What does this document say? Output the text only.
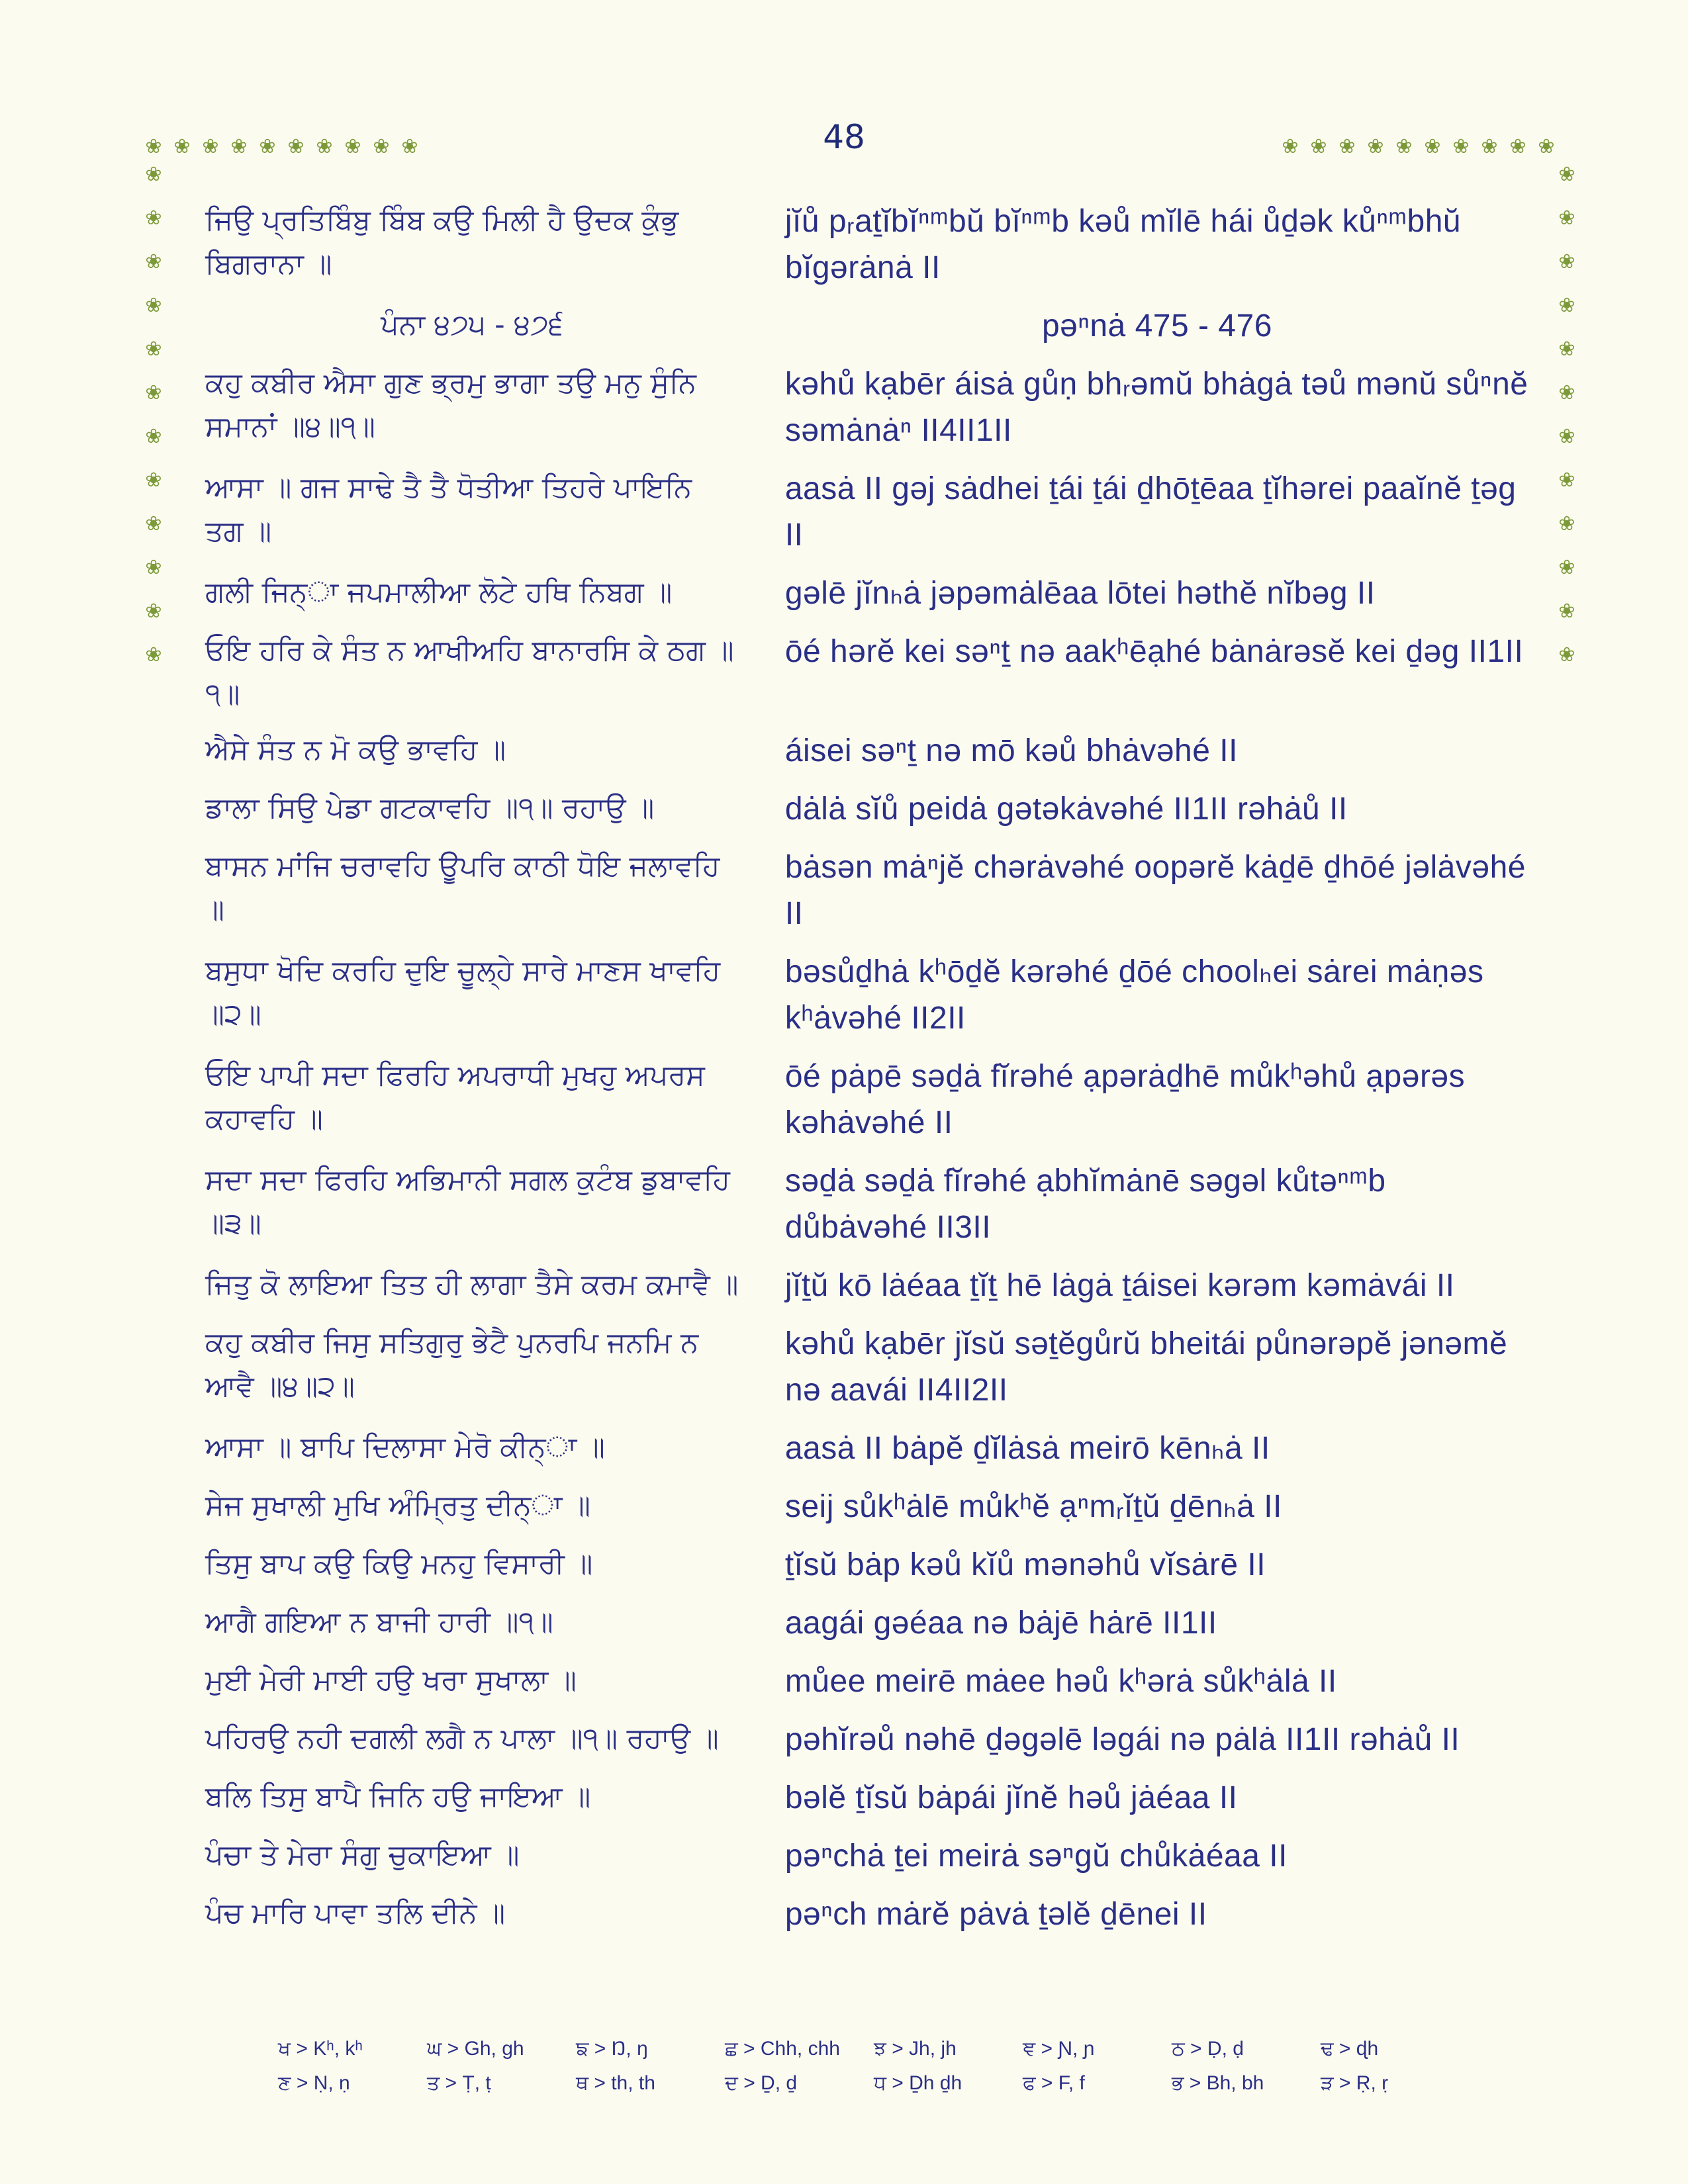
48
❀ ❀ ❀ ❀ ❀ ❀ ❀ ❀ ❀ ❀	❀ ❀ ❀ ❀ ❀ ❀ ❀ ❀ ❀ ❀
❀
❀
❀
❀
❀
❀
❀
❀
❀
❀
❀
❀
❀
❀
❀
❀
❀
❀
❀
❀
❀
❀
❀
❀
ਜਿਉ ਪ੍ਰਤਿਬਿੰਬੁ ਬਿੰਬ ਕਉ ਮਿਲੀ ਹੈ ਉਦਕ ਕੁੰਭੁ ਬਿਗਰਾਨਾ ॥
jĭů pᵣaṯĭbĭⁿᵐbŭ bĭⁿᵐb kəů mĭlē hái ůḏək kůⁿᵐbhŭ bĭgərȧnȧ II
ਪੰਨਾ ੪੭੫ - ੪੭੬	pəⁿnȧ 475 - 476
ਕਹੁ ਕਬੀਰ ਐਸਾ ਗੁਣ ਭ੍ਰਮੁ ਭਾਗਾ ਤਉ ਮਨੁ ਸੁੰਨਿ ਸਮਾਨਾਂ ॥੪॥੧॥
kəhů kạbēr áisȧ gůṇ bhᵣəmŭ bhȧgȧ təů mənŭ sůⁿnĕ səmȧnȧⁿ II4II1II
ਆਸਾ ॥ ਗਜ ਸਾਢੇ ਤੈ ਤੈ ਧੋਤੀਆ ਤਿਹਰੇ ਪਾਇਨਿ ਤਗ ॥
aasȧ II gəj sȧdhei ṯái ṯái ḏhōṯēaa ṯĭhərei paaĭnĕ ṯəg II
ਗਲੀ ਜਿਨ੍ਾ ਜਪਮਾਲੀਆ ਲੋਟੇ ਹਥਿ ਨਿਬਗ ॥	gəlē jĭnₕȧ jəpəmȧlēaa lōtei həthĕ nĭbəg II
ਓਇ ਹਰਿ ਕੇ ਸੰਤ ਨ ਆਖੀਅਹਿ ਬਾਨਾਰਸਿ ਕੇ ਠਗ ॥੧॥
ōé hərĕ kei səⁿṯ nə aakʰēạhé bȧnȧrəsĕ kei ḏəg II1II
ਐਸੇ ਸੰਤ ਨ ਮੋ ਕਉ ਭਾਵਹਿ ॥	áisei səⁿṯ nə mō kəů bhȧvəhé II
ਡਾਲਾ ਸਿਉ ਪੇਡਾ ਗਟਕਾਵਹਿ ॥੧॥ ਰਹਾਉ ॥	dȧlȧ sĭů peidȧ gətəkȧvəhé II1II rəhȧů II
ਬਾਸਨ ਮਾਂਜਿ ਚਰਾਵਹਿ ਊਪਰਿ ਕਾਠੀ ਧੋਇ ਜਲਾਵਹਿ ॥
bȧsən mȧⁿjĕ chərȧvəhé oopərĕ kȧḏē ḏhōé jəlȧvəhé II
ਬਸੁਧਾ ਖੋਦਿ ਕਰਹਿ ਦੁਇ ਚੂਲ੍ਹੇ ਸਾਰੇ ਮਾਣਸ ਖਾਵਹਿ ॥੨॥
bəsůḏhȧ kʰōḏĕ kərəhé ḏōé choolₕei sȧrei mȧṇəs kʰȧvəhé II2II
ਓਇ ਪਾਪੀ ਸਦਾ ਫਿਰਹਿ ਅਪਰਾਧੀ ਮੁਖਹੁ ਅਪਰਸ ਕਹਾਵਹਿ ॥
ōé pȧpē səḏȧ fĭrəhé ạpərȧḏhē můkʰəhů ạpərəs kəhȧvəhé II
ਸਦਾ ਸਦਾ ਫਿਰਹਿ ਅਭਿਮਾਨੀ ਸਗਲ ਕੁਟੰਬ ਡੁਬਾਵਹਿ ॥੩॥
səḏȧ səḏȧ fĭrəhé ạbhĭmȧnē səgəl kůtəⁿᵐb důbȧvəhé II3II
ਜਿਤੁ ਕੋ ਲਾਇਆ ਤਿਤ ਹੀ ਲਾਗਾ ਤੈਸੇ ਕਰਮ ਕਮਾਵੈ ॥ jĭṯŭ kō lȧéaa ṯĭṯ hē lȧgȧ ṯáisei kərəm kəmȧvái II
ਕਹੁ ਕਬੀਰ ਜਿਸੁ ਸਤਿਗੁਰੁ ਭੇਟੈ ਪੁਨਰਪਿ ਜਨਮਿ ਨ ਆਵੈ ॥੪॥੨॥
kəhů kạbēr jĭsŭ səṯĕgůrŭ bheitái půnərəpĕ jənəmĕ nə aavái II4II2II
ਆਸਾ ॥ ਬਾਪਿ ਦਿਲਾਸਾ ਮੇਰੋ ਕੀਨ੍ਾ ॥	aasȧ II bȧpĕ ḏĭlȧsȧ meirō kēnₕȧ II
ਸੇਜ ਸੁਖਾਲੀ ਮੁਖਿ ਅੰਮ੍ਰਿਤੁ ਦੀਨ੍ਾ ॥	seij sůkʰȧlē můkʰĕ ạⁿmᵣĭṯŭ ḏēnₕȧ II
ਤਿਸੁ ਬਾਪ ਕਉ ਕਿਉ ਮਨਹੁ ਵਿਸਾਰੀ ॥	ṯĭsŭ bȧp kəů kĭů mənəhů vĭsȧrē II
ਆਗੈ ਗਇਆ ਨ ਬਾਜੀ ਹਾਰੀ ॥੧॥	aagái gəéaa nə bȧjē hȧrē II1II
ਮੁਈ ਮੇਰੀ ਮਾਈ ਹਉ ਖਰਾ ਸੁਖਾਲਾ ॥	můee meirē mȧee həů kʰərȧ sůkʰȧlȧ II
ਪਹਿਰਉ ਨਹੀ ਦਗਲੀ ਲਗੈ ਨ ਪਾਲਾ ॥੧॥ ਰਹਾਉ ॥	pəhĭrəů nəhē ḏəgəlē ləgái nə pȧlȧ II1II rəhȧů II
ਬਲਿ ਤਿਸੁ ਬਾਪੈ ਜਿਨਿ ਹਉ ਜਾਇਆ ॥	bəlĕ ṯĭsŭ bȧpái jĭnĕ həů jȧéaa II
ਪੰਚਾ ਤੇ ਮੇਰਾ ਸੰਗੁ ਚੁਕਾਇਆ ॥	pəⁿchȧ ṯei meirȧ səⁿgŭ chůkȧéaa II
ਪੰਚ ਮਾਰਿ ਪਾਵਾ ਤਲਿ ਦੀਨੇ ॥	pəⁿch mȧrĕ pȧvȧ ṯəlĕ ḏēnei II
ਖ > Kʰ, kʰ	ਘ > Gh, gh	ਙ > Ŋ, ŋ	ਛ > Chh, chh	ਝ > Jh, jh	ਞ > Ɲ, ɲ	ਠ > Ḍ, ḍ	ਢ > ɖh
ਣ > Ṇ, ṇ	ਤ > Ṭ, ṭ	ਥ > th, th	ਦ > Ḏ, ḏ	ਧ > Ḏh ḏh	ਫ > F, f	ਭ > Bh, bh	ੜ > Ṛ, ṛ
